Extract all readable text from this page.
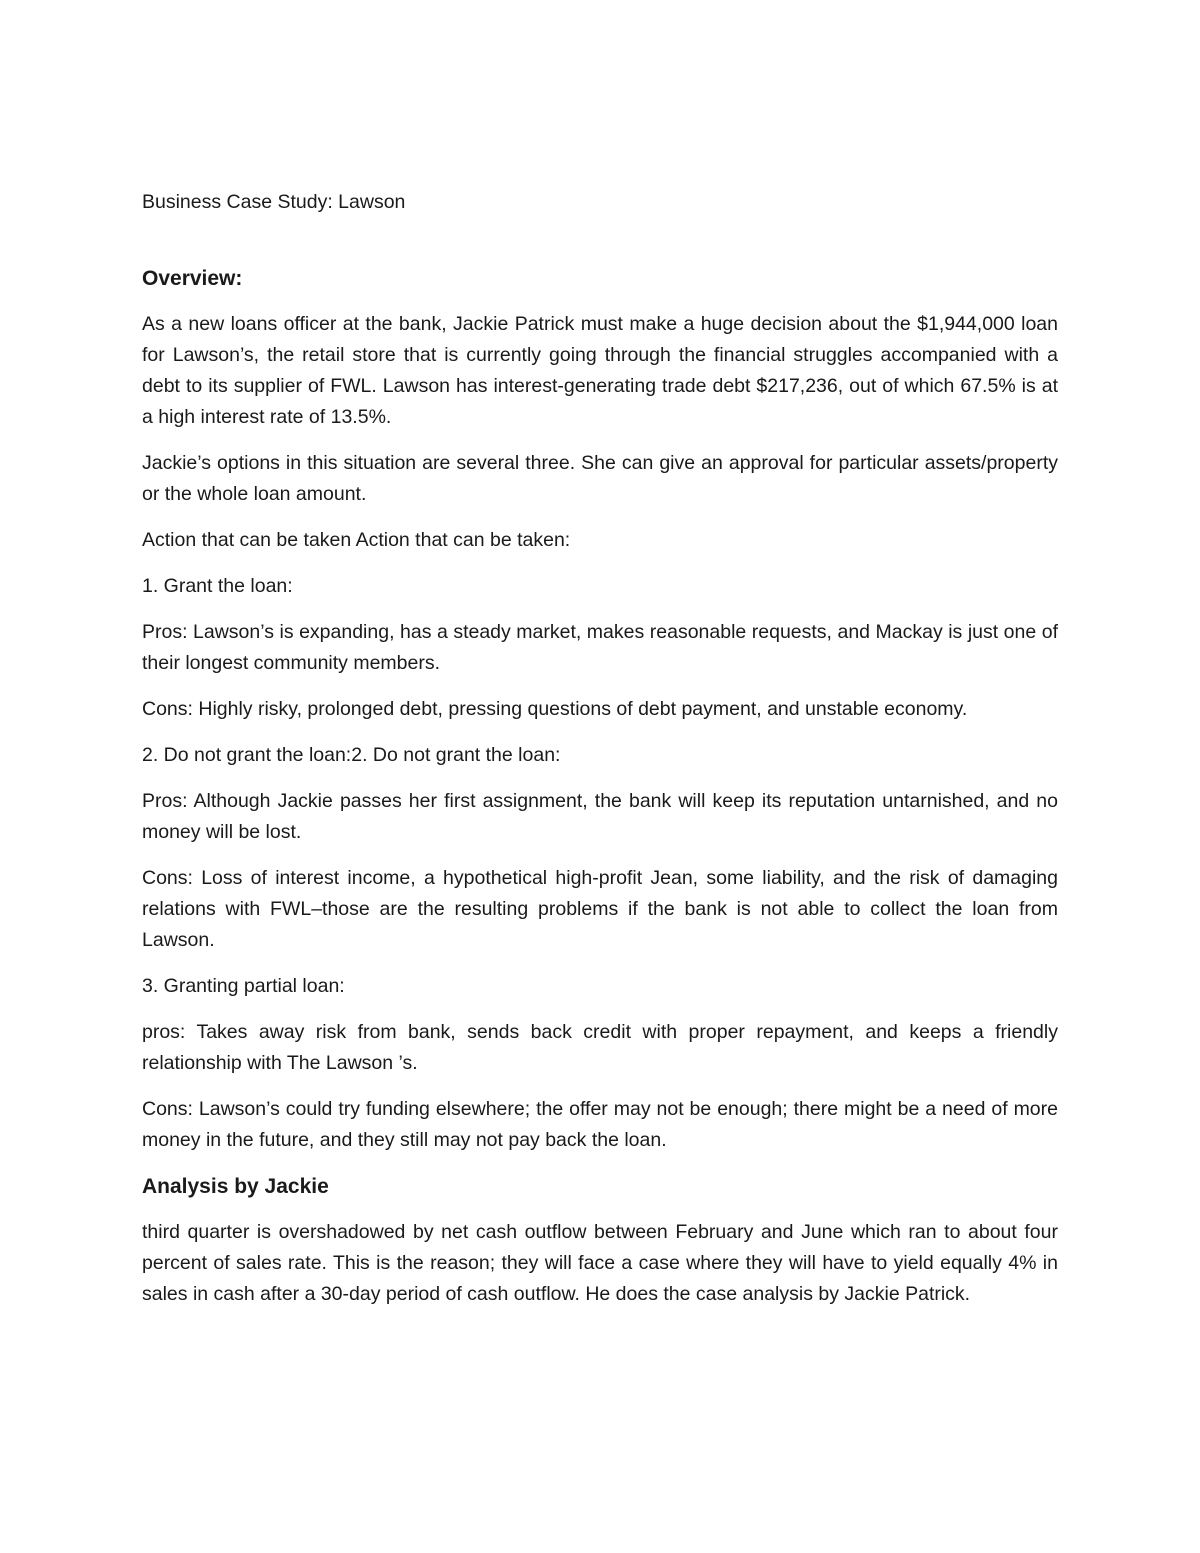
Business Case Study: Lawson
Overview:

As a new loans officer at the bank, Jackie Patrick must make a huge decision about the $1,944,000 loan for Lawson’s, the retail store that is currently going through the financial struggles accompanied with a debt to its supplier of FWL. Lawson has interest-generating trade debt $217,236, out of which 67.5% is at a high interest rate of 13.5%.

Jackie’s options in this situation are several three. She can give an approval for particular assets/property or the whole loan amount.

Action that can be taken Action that can be taken:

1. Grant the loan:

Pros: Lawson’s is expanding, has a steady market, makes reasonable requests, and Mackay is just one of their longest community members.

Cons: Highly risky, prolonged debt, pressing questions of debt payment, and unstable economy.

2. Do not grant the loan:2. Do not grant the loan:

Pros: Although Jackie passes her first assignment, the bank will keep its reputation untarnished, and no money will be lost.

Cons: Loss of interest income, a hypothetical high-profit Jean, some liability, and the risk of damaging relations with FWL–those are the resulting problems if the bank is not able to collect the loan from Lawson.

3. Granting partial loan:

pros: Takes away risk from bank, sends back credit with proper repayment, and keeps a friendly relationship with The Lawson ’s.

Cons: Lawson’s could try funding elsewhere; the offer may not be enough; there might be a need of more money in the future, and they still may not pay back the loan.

Analysis by Jackie

third quarter is overshadowed by net cash outflow between February and June which ran to about four percent of sales rate. This is the reason; they will face a case where they will have to yield equally 4% in sales in cash after a 30-day period of cash outflow. He does the case analysis by Jackie Patrick.
